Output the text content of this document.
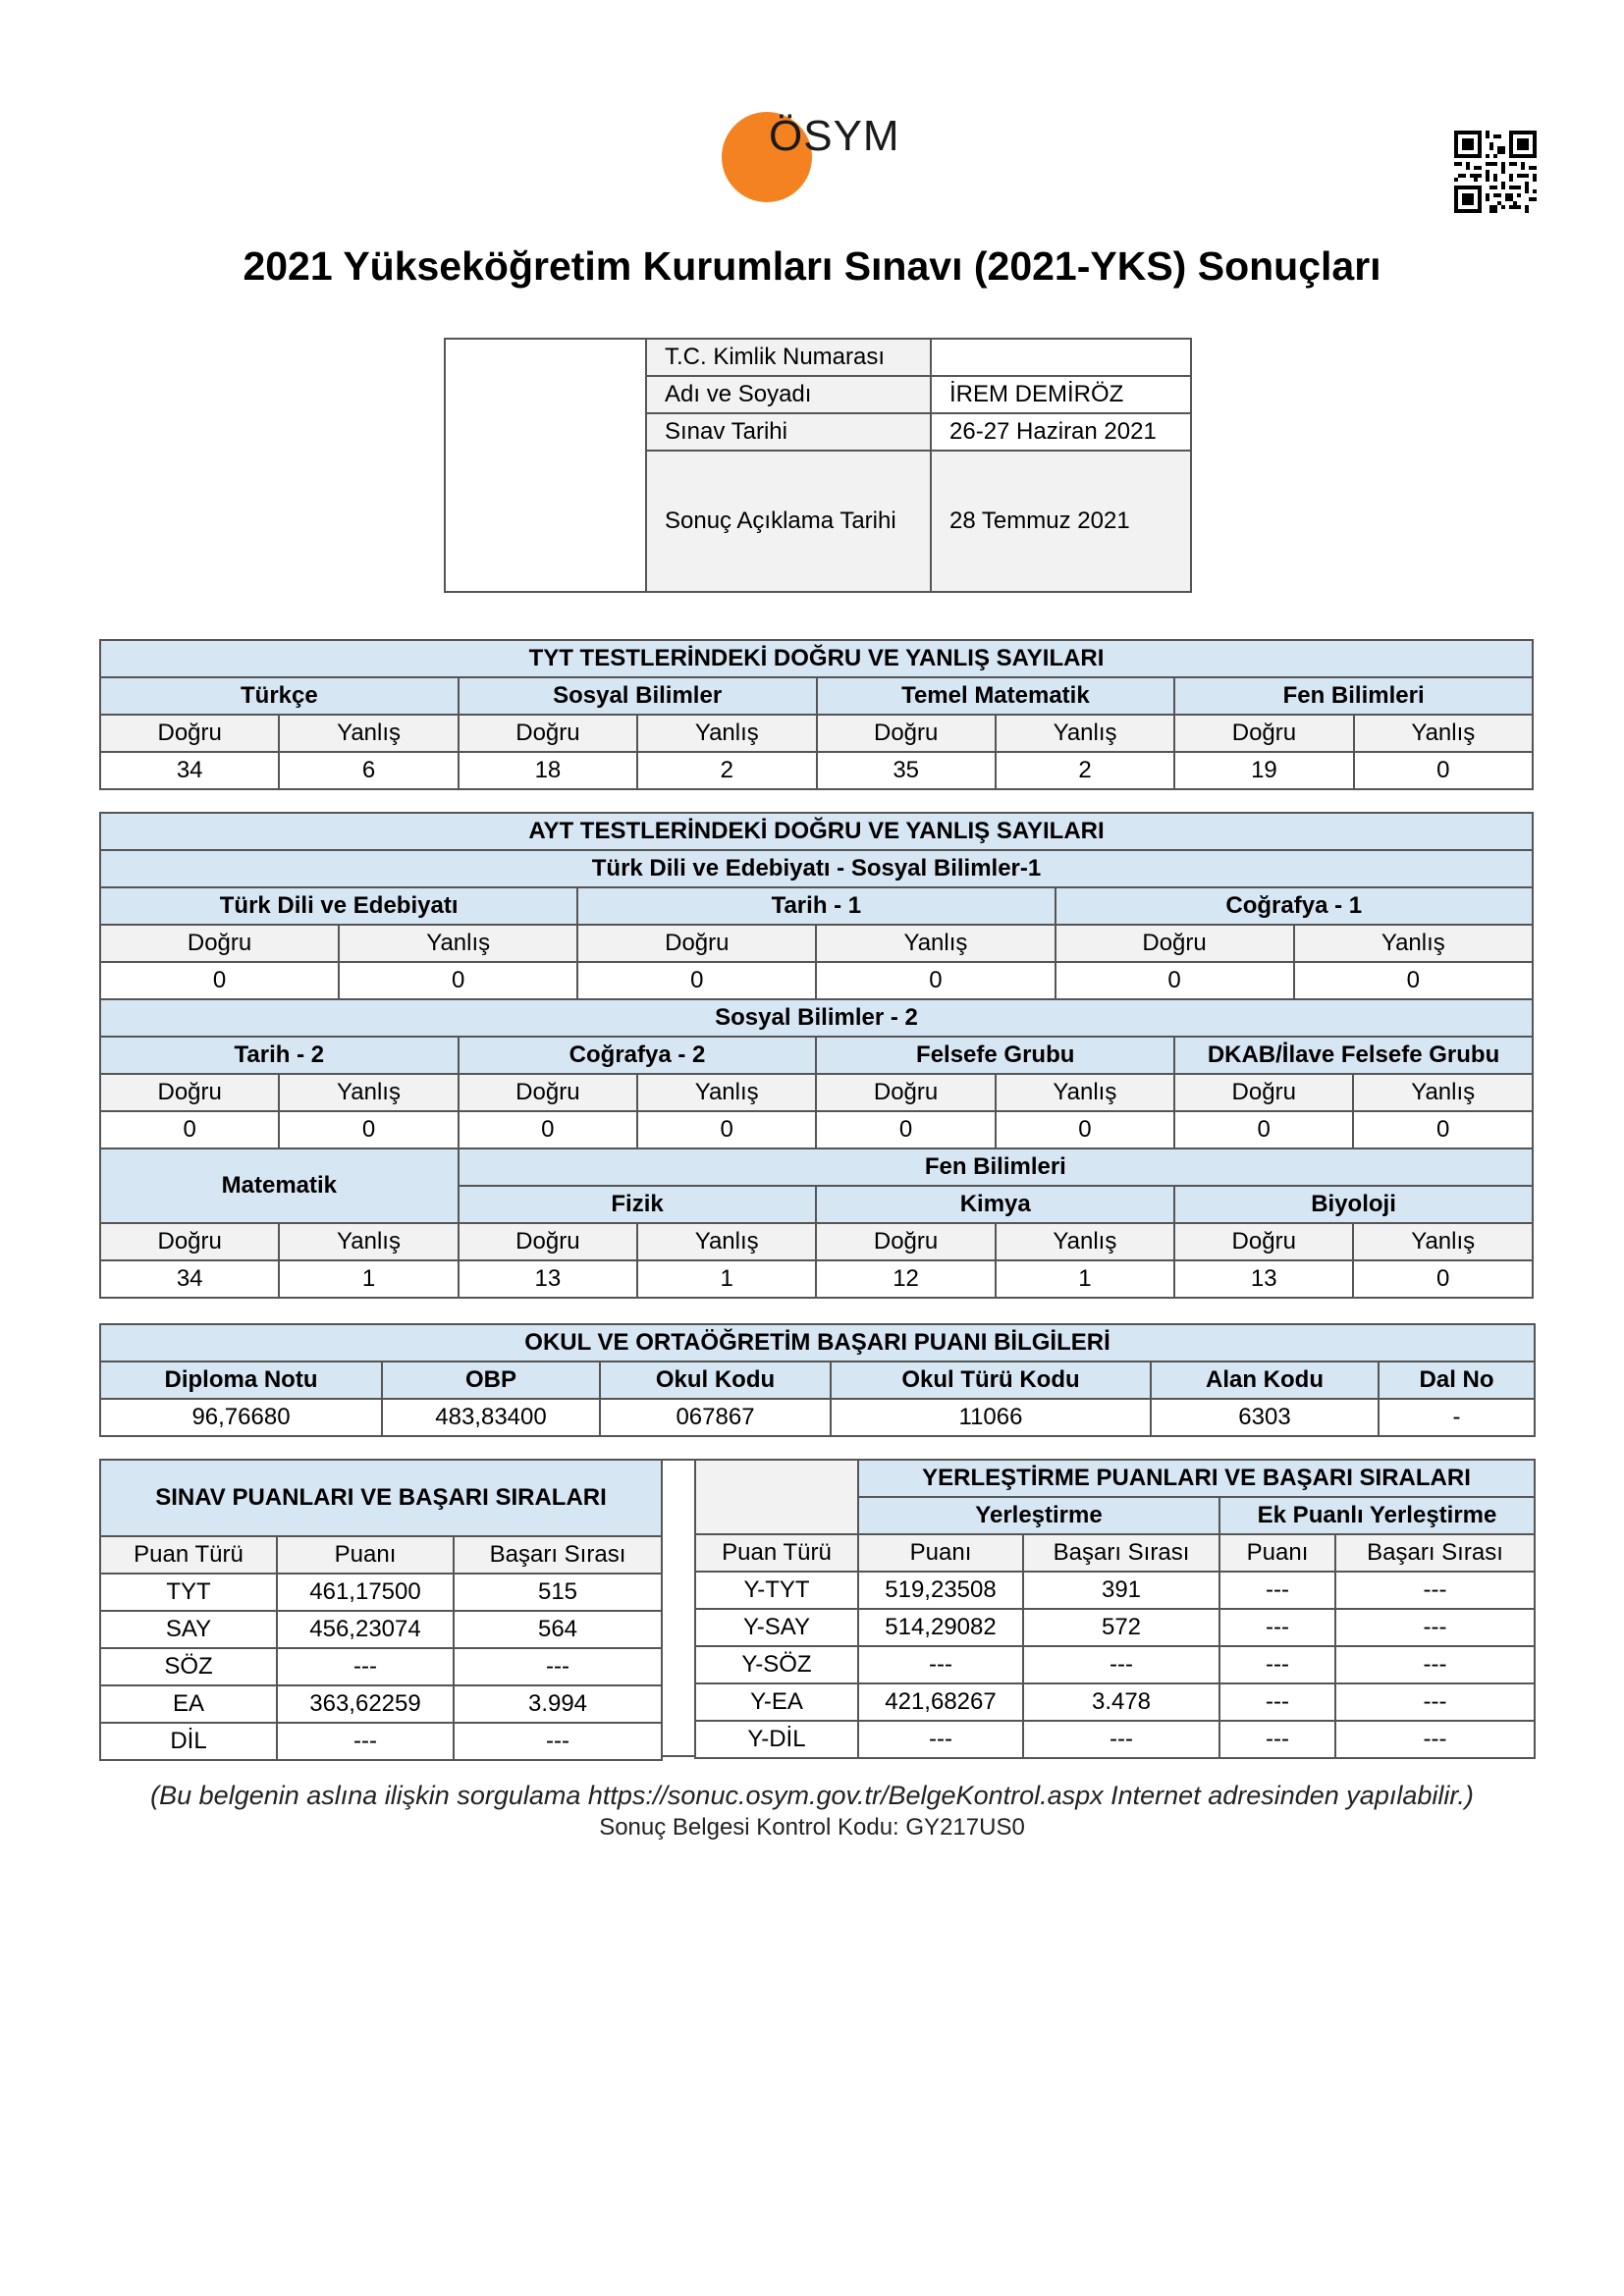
ÖSYM
2021 Yükseköğretim Kurumları Sınavı (2021-YKS) Sonuçları
	T.C. Kimlik Numarası	
	Adı ve Soyadı	İREM DEMİRÖZ
	Sınav Tarihi	26-27 Haziran 2021
	Sonuç Açıklama Tarihi	28 Temmuz 2021
TYT TESTLERİNDEKİ DOĞRU VE YANLIŞ SAYILARI							
Türkçe		Sosyal Bilimler		Temel Matematik		Fen Bilimleri	
Doğru	Yanlış	Doğru	Yanlış	Doğru	Yanlış	Doğru	Yanlış
34	6	18	2	35	2	19	0
AYT TESTLERİNDEKİ DOĞRU VE YANLIŞ SAYILARI											
Türk Dili ve Edebiyatı - Sosyal Bilimler-1											
Türk Dili ve Edebiyatı				Tarih - 1				Coğrafya - 1			
Doğru		Yanlış		Doğru		Yanlış		Doğru		Yanlış	
0		0		0		0		0		0	
Sosyal Bilimler - 2											
Tarih - 2			Coğrafya - 2			Felsefe Grubu			DKAB/İlave Felsefe Grubu		
Doğru	Yanlış		Doğru		Yanlış	Doğru	Yanlış		Doğru		Yanlış
0	0		0		0	0	0		0		0
Matematik			Fen Bilimleri								
			Fizik			Kimya			Biyoloji		
Doğru	Yanlış		Doğru		Yanlış	Doğru	Yanlış		Doğru		Yanlış
34	1		13		1	12	1		13		0
OKUL VE ORTAÖĞRETİM BAŞARI PUANI BİLGİLERİ					
Diploma Notu	OBP	Okul Kodu	Okul Türü Kodu	Alan Kodu	Dal No
96,76680	483,83400	067867	11066	6303	-
SINAV PUANLARI VE BAŞARI SIRALARI		
Puan Türü	Puanı	Başarı Sırası
TYT	461,17500	515
SAY	456,23074	564
SÖZ	---	---
EA	363,62259	3.994
DİL	---	---
	YERLEŞTİRME PUANLARI VE BAŞARI SIRALARI			
	Yerleştirme		Ek Puanlı Yerleştirme	
Puan Türü	Puanı	Başarı Sırası	Puanı	Başarı Sırası
Y-TYT	519,23508	391	---	---
Y-SAY	514,29082	572	---	---
Y-SÖZ	---	---	---	---
Y-EA	421,68267	3.478	---	---
Y-DİL	---	---	---	---
(Bu belgenin aslına ilişkin sorgulama https://sonuc.osym.gov.tr/BelgeKontrol.aspx Internet adresinden yapılabilir.)
Sonuç Belgesi Kontrol Kodu: GY217US0
